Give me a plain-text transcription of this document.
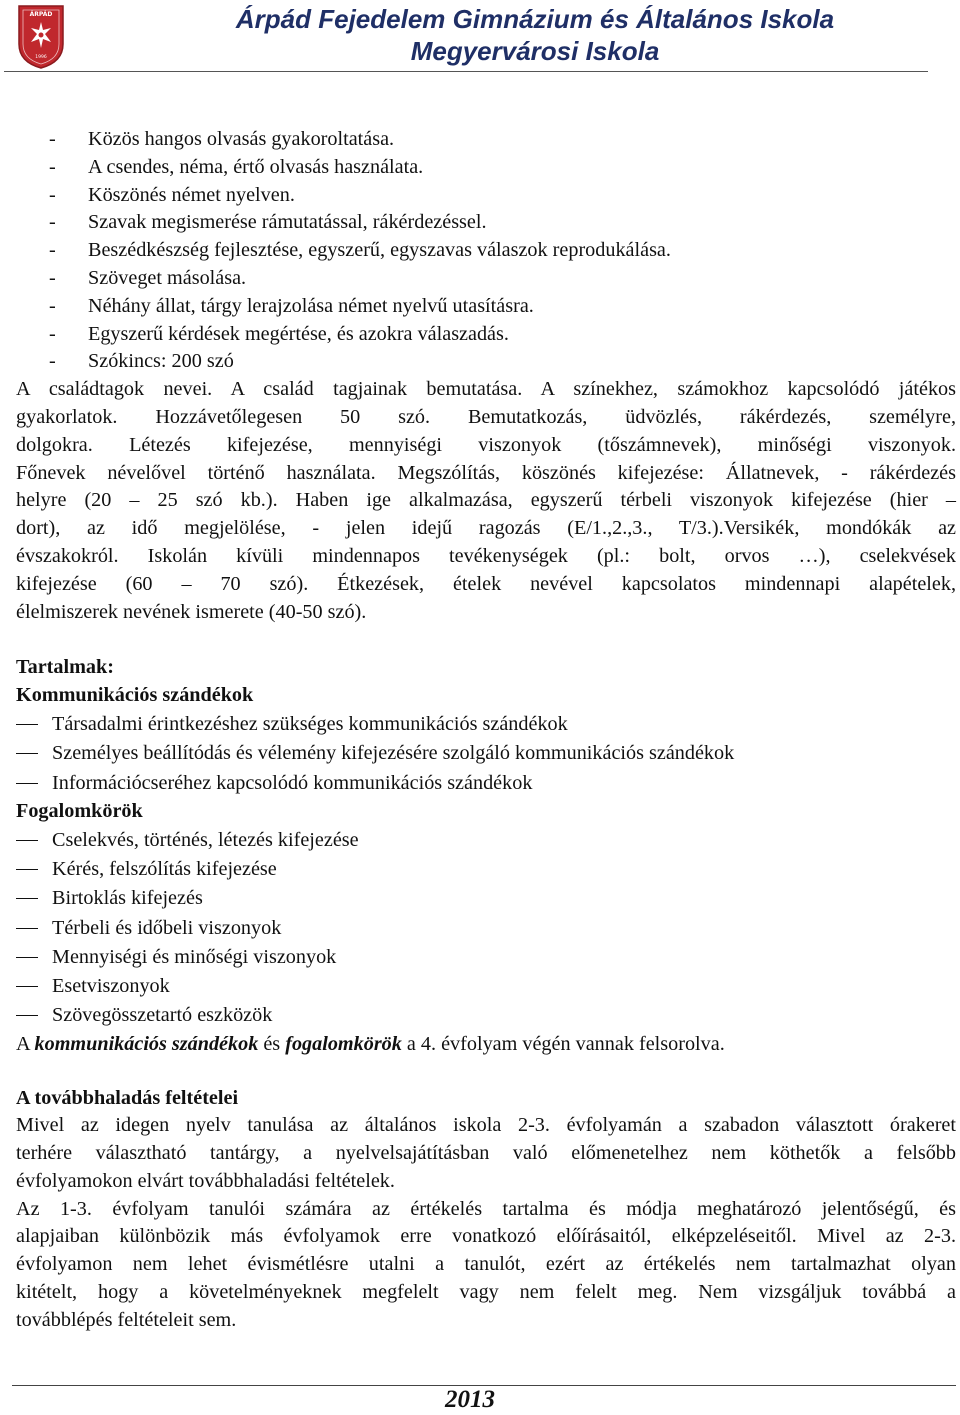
ÁRPÁD
1996
Árpád Fejedelem Gimnázium és Általános Iskola
Megyervárosi Iskola
- Közös hangos olvasás gyakoroltatása.
- A csendes, néma, értő olvasás használata.
- Köszönés német nyelven.
- Szavak megismerése rámutatással, rákérdezéssel.
- Beszédkészség fejlesztése, egyszerű, egyszavas válaszok reprodukálása.
- Szöveget másolása.
- Néhány állat, tárgy lerajzolása német nyelvű utasításra.
- Egyszerű kérdések megértése, és azokra válaszadás.
- Szókincs: 200 szó
A családtagok nevei. A család tagjainak bemutatása. A színekhez, számokhoz kapcsolódó játékos
gyakorlatok. Hozzávetőlegesen 50 szó. Bemutatkozás, üdvözlés, rákérdezés, személyre,
dolgokra. Létezés kifejezése, mennyiségi viszonyok (tőszámnevek), minőségi viszonyok.
Főnevek névelővel történő használata. Megszólítás, köszönés kifejezése: Állatnevek, - rákérdezés
helyre (20 – 25 szó kb.). Haben ige alkalmazása, egyszerű térbeli viszonyok kifejezése (hier –
dort), az idő megjelölése, - jelen idejű ragozás (E/1.,2.,3., T/3.).Versikék, mondókák az
évszakokról. Iskolán kívüli mindennapos tevékenységek (pl.: bolt, orvos …), cselekvések
kifejezése (60 – 70 szó). Étkezések, ételek nevével kapcsolatos mindennapi alapételek,
élelmiszerek nevének ismerete (40-50 szó).
Tartalmak:
Kommunikációs szándékok
Társadalmi érintkezéshez szükséges kommunikációs szándékok
Személyes beállítódás és vélemény kifejezésére szolgáló kommunikációs szándékok
Információcseréhez kapcsolódó kommunikációs szándékok
Fogalomkörök
Cselekvés, történés, létezés kifejezése
Kérés, felszólítás kifejezése
Birtoklás kifejezés
Térbeli és időbeli viszonyok
Mennyiségi és minőségi viszonyok
Esetviszonyok
Szövegösszetartó eszközök
A kommunikációs szándékok és fogalomkörök a 4. évfolyam végén vannak felsorolva.
A továbbhaladás feltételei
Mivel az idegen nyelv tanulása az általános iskola 2-3. évfolyamán a szabadon választott órakeret
terhére választható tantárgy, a nyelvelsajátításban való előmenetelhez nem köthetők a felsőbb
évfolyamokon elvárt továbbhaladási feltételek.
Az 1-3. évfolyam tanulói számára az értékelés tartalma és módja meghatározó jelentőségű, és
alapjaiban különbözik más évfolyamok erre vonatkozó előírásaitól, elképzeléseitől. Mivel az 2-3.
évfolyamon nem lehet évismétlésre utalni a tanulót, ezért az értékelés nem tartalmazhat olyan
kitételt, hogy a követelményeknek megfelelt vagy nem felelt meg. Nem vizsgáljuk továbbá a
továbblépés feltételeit sem.
2013
